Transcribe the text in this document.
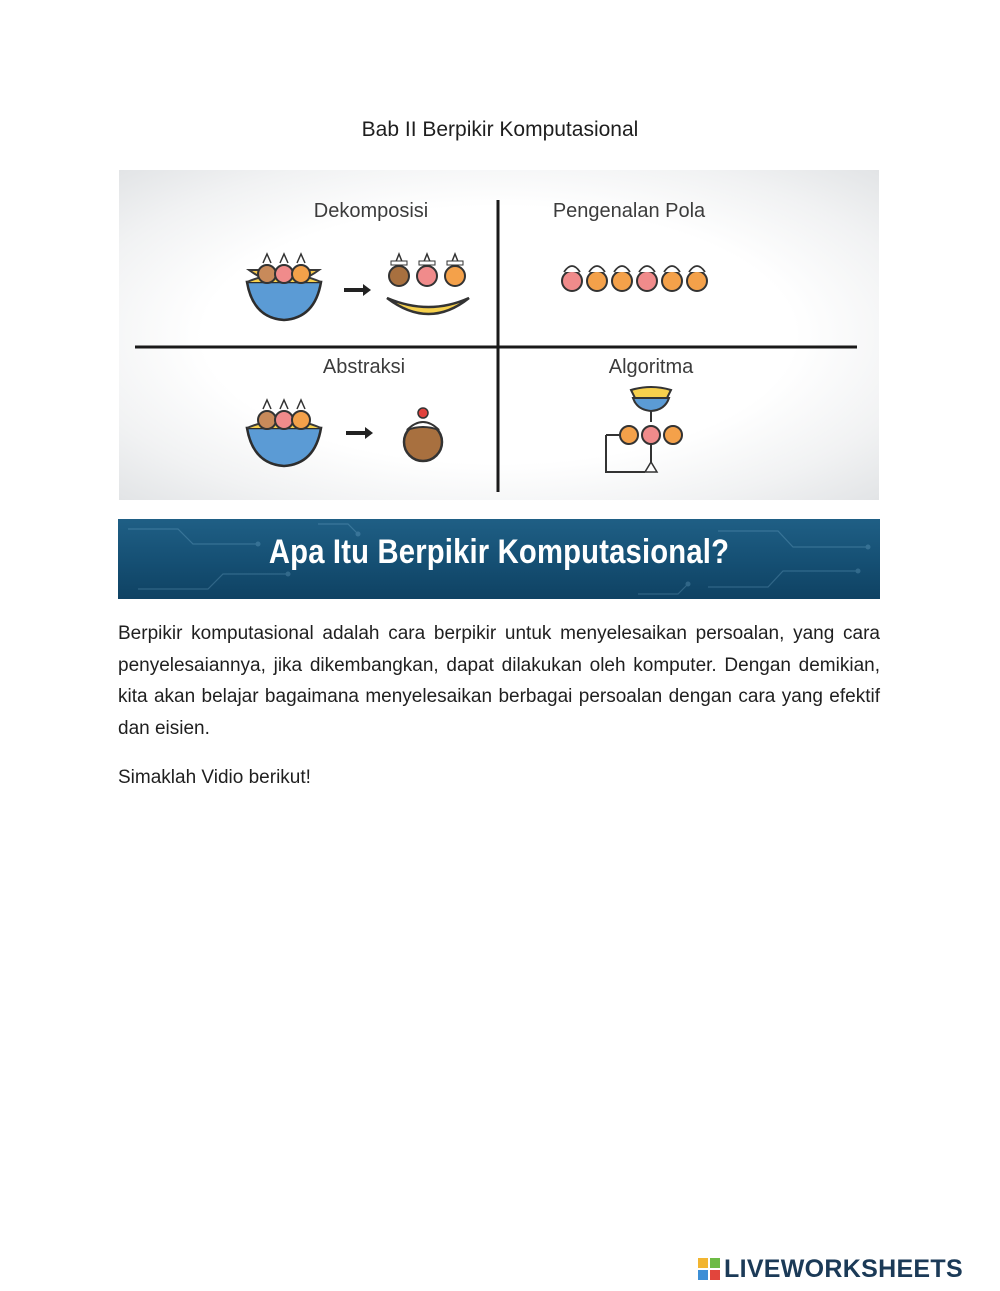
Bab II Berpikir Komputasional
Dekomposisi	Pengenalan Pola
Abstraksi	Algoritma
Apa Itu Berpikir Komputasional?
Berpikir komputasional adalah cara berpikir untuk menyelesaikan persoalan, yang cara penyelesaiannya, jika dikembangkan, dapat dilakukan oleh komputer. Dengan demikian, kita akan belajar bagaimana menyelesaikan berbagai persoalan dengan cara yang efektif dan eisien.
Simaklah Vidio berikut!
LIVEWORKSHEETS
